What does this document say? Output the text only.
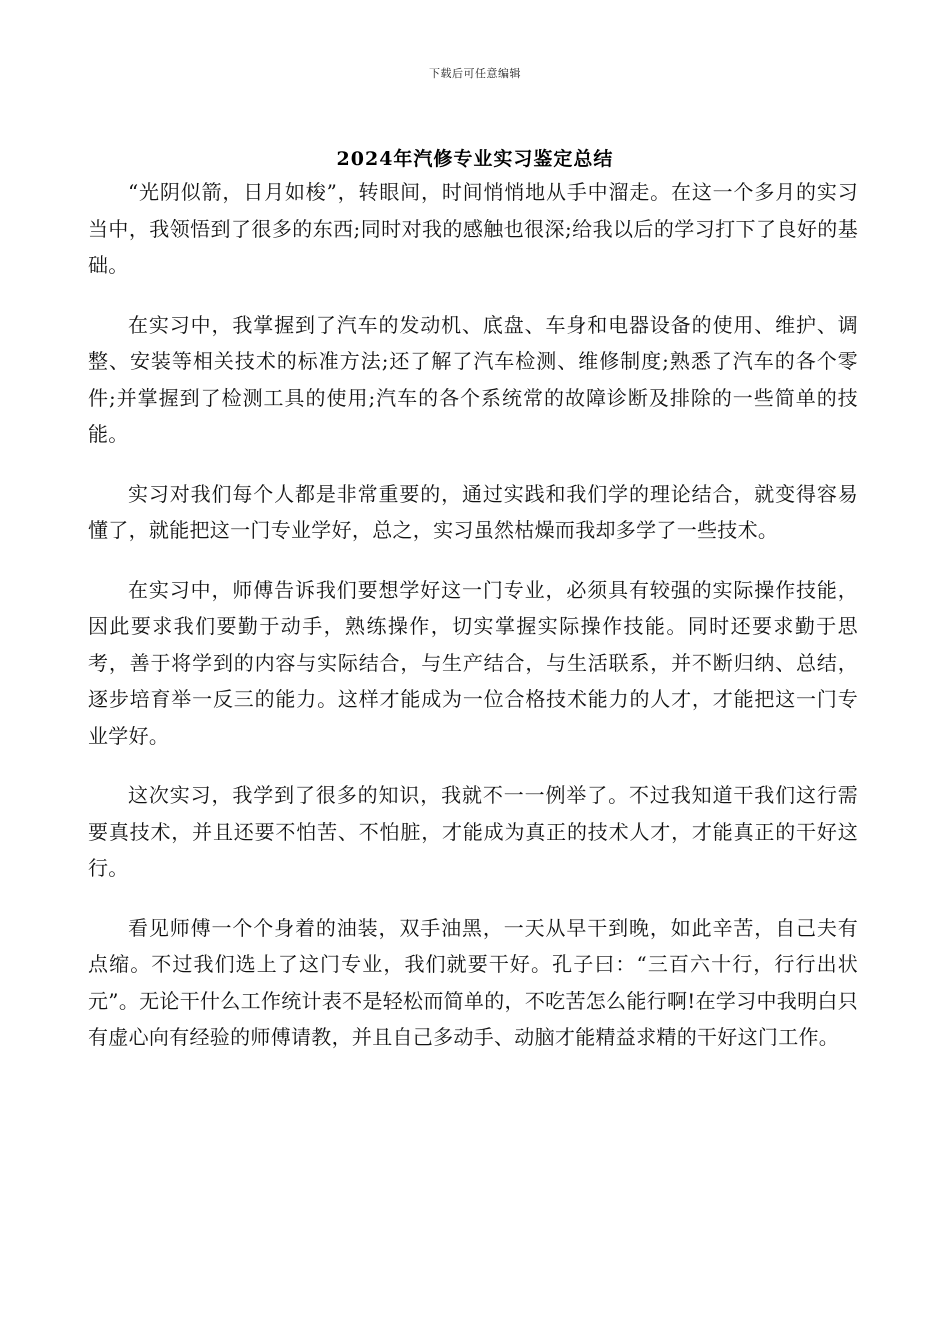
下载后可任意编辑
2024年汽修专业实习鉴定总结

“光阴似箭，日月如梭”，转眼间，时间悄悄地从手中溜走。在这一个多月的实习当中，我领悟到了很多的东西;同时对我的感触也很深;给我以后的学习打下了良好的基础。

在实习中，我掌握到了汽车的发动机、底盘、车身和电器设备的使用、维护、调整、安装等相关技术的标准方法;还了解了汽车检测、维修制度;熟悉了汽车的各个零件;并掌握到了检测工具的使用;汽车的各个系统常的故障诊断及排除的一些简单的技能。

实习对我们每个人都是非常重要的，通过实践和我们学的理论结合，就变得容易懂了，就能把这一门专业学好，总之，实习虽然枯燥而我却多学了一些技术。

在实习中，师傅告诉我们要想学好这一门专业，必须具有较强的实际操作技能，因此要求我们要勤于动手，熟练操作，切实掌握实际操作技能。同时还要求勤于思考，善于将学到的内容与实际结合，与生产结合，与生活联系，并不断归纳、总结，逐步培育举一反三的能力。这样才能成为一位合格技术能力的人才，才能把这一门专业学好。

这次实习，我学到了很多的知识，我就不一一例举了。不过我知道干我们这行需要真技术，并且还要不怕苦、不怕脏，才能成为真正的技术人才，才能真正的干好这行。

看见师傅一个个身着的油装，双手油黑，一天从早干到晚，如此辛苦，自己夫有点缩。不过我们选上了这门专业，我们就要干好。孔子曰：“三百六十行，行行出状元”。无论干什么工作统计表不是轻松而简单的，不吃苦怎么能行啊!在学习中我明白只有虚心向有经验的师傅请教，并且自己多动手、动脑才能精益求精的干好这门工作。
